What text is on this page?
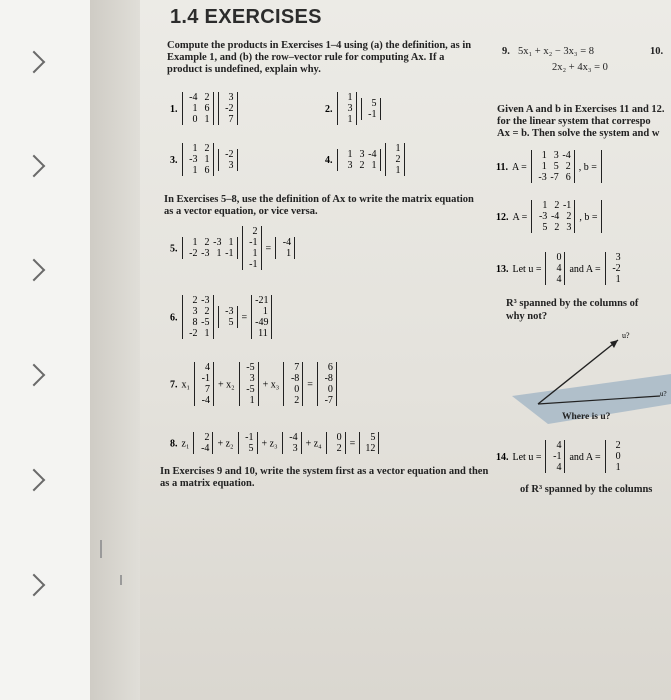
1.4 EXERCISES
Compute the products in Exercises 1–4 using (a) the definition, as in Example 1, and (b) the row–vector rule for computing Ax. If a product is undefined, explain why.
1.
-4 2
1 6
0 1

3
-2
7
2.
1
3
1

5
-1
3.
1 2
-3 1
1 6

-2
3	4.
1 3 -4
3 2 1

1
2
1
In Exercises 5–8, use the definition of Ax to write the matrix equation as a vector equation, or vice versa.
5.
1 2 -3 1
-2 -3 1 -1

2
-1
1
-1
=
-4
1
6.
2 -3
3 2
8 -5
-2 1

-3
5 =
-21
1
-49
11
7. x₁
4
-1
7
-4
+ x₂
-5
3
-5
1
+ x₃
7
-8
0
2
=
6
-8
0
-7
8. z₁
2
-4 + z₂
-1
5 + z₃
-4
3 + z₄
0
2 =
5
12
In Exercises 9 and 10, write the system first as a vector equation and then as a matrix equation.
9. 5x₁ + x₂ − 3x₃ = 8
2x₂ + 4x₃ = 0
10.
Given A and b in Exercises 11 and 12.
for the linear system that correspo
Ax = b. Then solve the system and w
11. A =
1 3 -4
1 5 2
-3 -7 6
, b =

12. A =
1 2 -1
-3 -4 2
5 2 3
, b =

13. Let u =
0
4
4
and A =
3
-2
1
R³ spanned by the columns of
why not?
u?
u?
Where is u?
14. Let u =
4
-1
4
and A =
2
0
1
of R³ spanned by the columns
